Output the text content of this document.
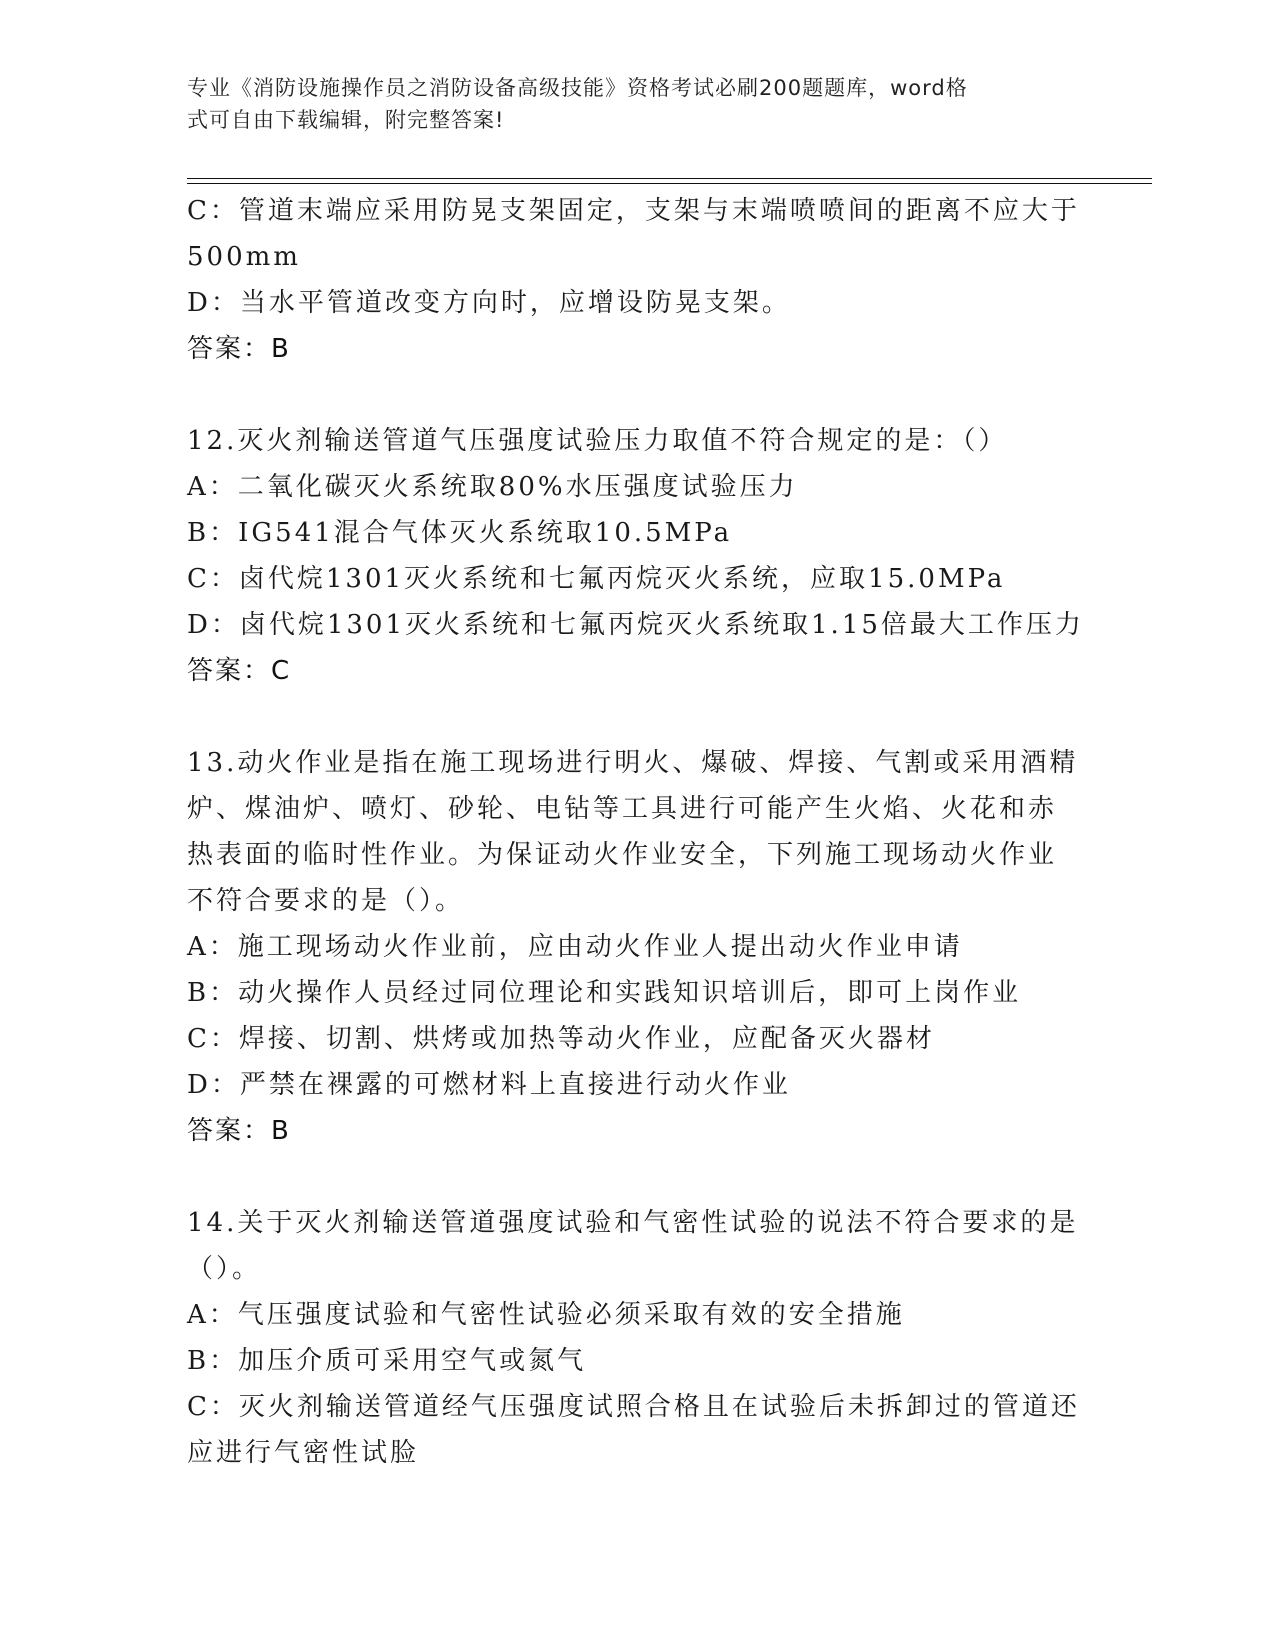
专业《消防设施操作员之消防设备高级技能》资格考试必刷200题题库，word格
式可自由下载编辑，附完整答案!
C：管道末端应采用防晃支架固定，支架与末端喷喷间的距离不应大于
500mm
D：当水平管道改变方向时，应增设防晃支架。
答案：B
12.灭火剂输送管道气压强度试验压力取值不符合规定的是：（）
A：二氧化碳灭火系统取80%水压强度试验压力
B：IG541混合气体灭火系统取10.5MPa
C：卤代烷1301灭火系统和七氟丙烷灭火系统，应取15.0MPa
D：卤代烷1301灭火系统和七氟丙烷灭火系统取1.15倍最大工作压力
答案：C
13.动火作业是指在施工现场进行明火、爆破、焊接、气割或采用酒精
炉、煤油炉、喷灯、砂轮、电钻等工具进行可能产生火焰、火花和赤
热表面的临时性作业。为保证动火作业安全，下列施工现场动火作业
不符合要求的是（）。
A：施工现场动火作业前，应由动火作业人提出动火作业申请
B：动火操作人员经过同位理论和实践知识培训后，即可上岗作业
C：焊接、切割、烘烤或加热等动火作业，应配备灭火器材
D：严禁在裸露的可燃材料上直接进行动火作业
答案：B
14.关于灭火剂输送管道强度试验和气密性试验的说法不符合要求的是
（）。
A：气压强度试验和气密性试验必须采取有效的安全措施
B：加压介质可采用空气或氮气
C：灭火剂输送管道经气压强度试照合格且在试验后未拆卸过的管道还
应进行气密性试脸
